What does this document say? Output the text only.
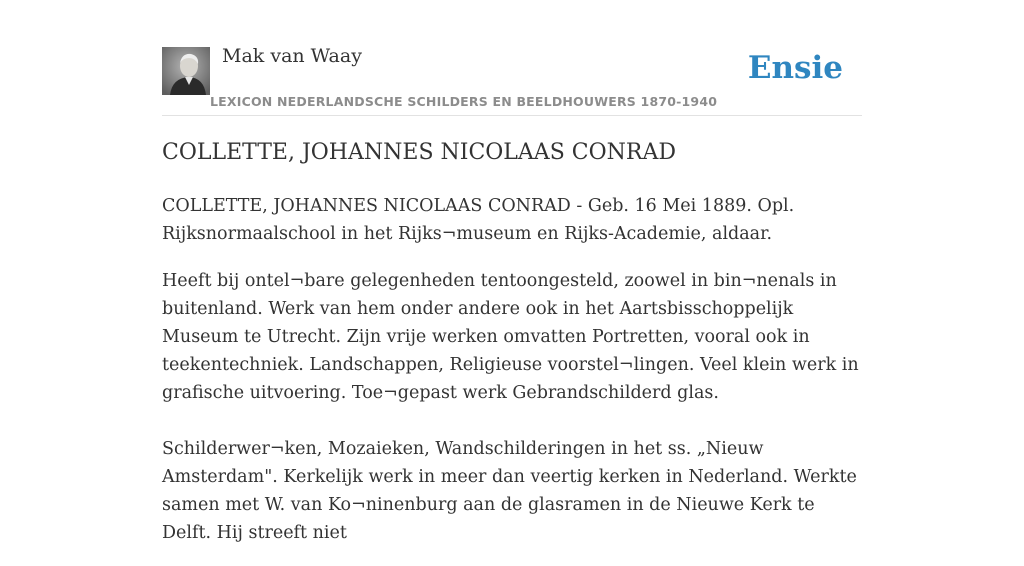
Mak van Waay
LEXICON NEDERLANDSCHE SCHILDERS EN BEELDHOUWERS 1870-1940
Ensie
COLLETTE, JOHANNES NICOLAAS CONRAD

COLLETTE, JOHANNES NICOLAAS CONRAD - Geb. 16 Mei 1889. Opl. Rijksnormaalschool in het Rijks¬museum en Rijks-Academie, aldaar.

Heeft bij ontel¬bare gelegenheden tentoongesteld, zoowel in bin¬nenals in buitenland. Werk van hem onder andere ook in het Aartsbisschoppelijk Museum te Utrecht. Zijn vrije werken omvatten Portretten, vooral ook in teekentechniek. Landschappen, Religieuse voorstel¬lingen. Veel klein werk in grafische uitvoering. Toe¬gepast werk Gebrandschilderd glas.

Schilderwer¬ken, Mozaieken, Wandschilderingen in het ss. „Nieuw Amsterdam". Kerkelijk werk in meer dan veertig kerken in Nederland. Werkte samen met W. van Ko¬ninenburg aan de glasramen in de Nieuwe Kerk te Delft. Hij streeft niet
